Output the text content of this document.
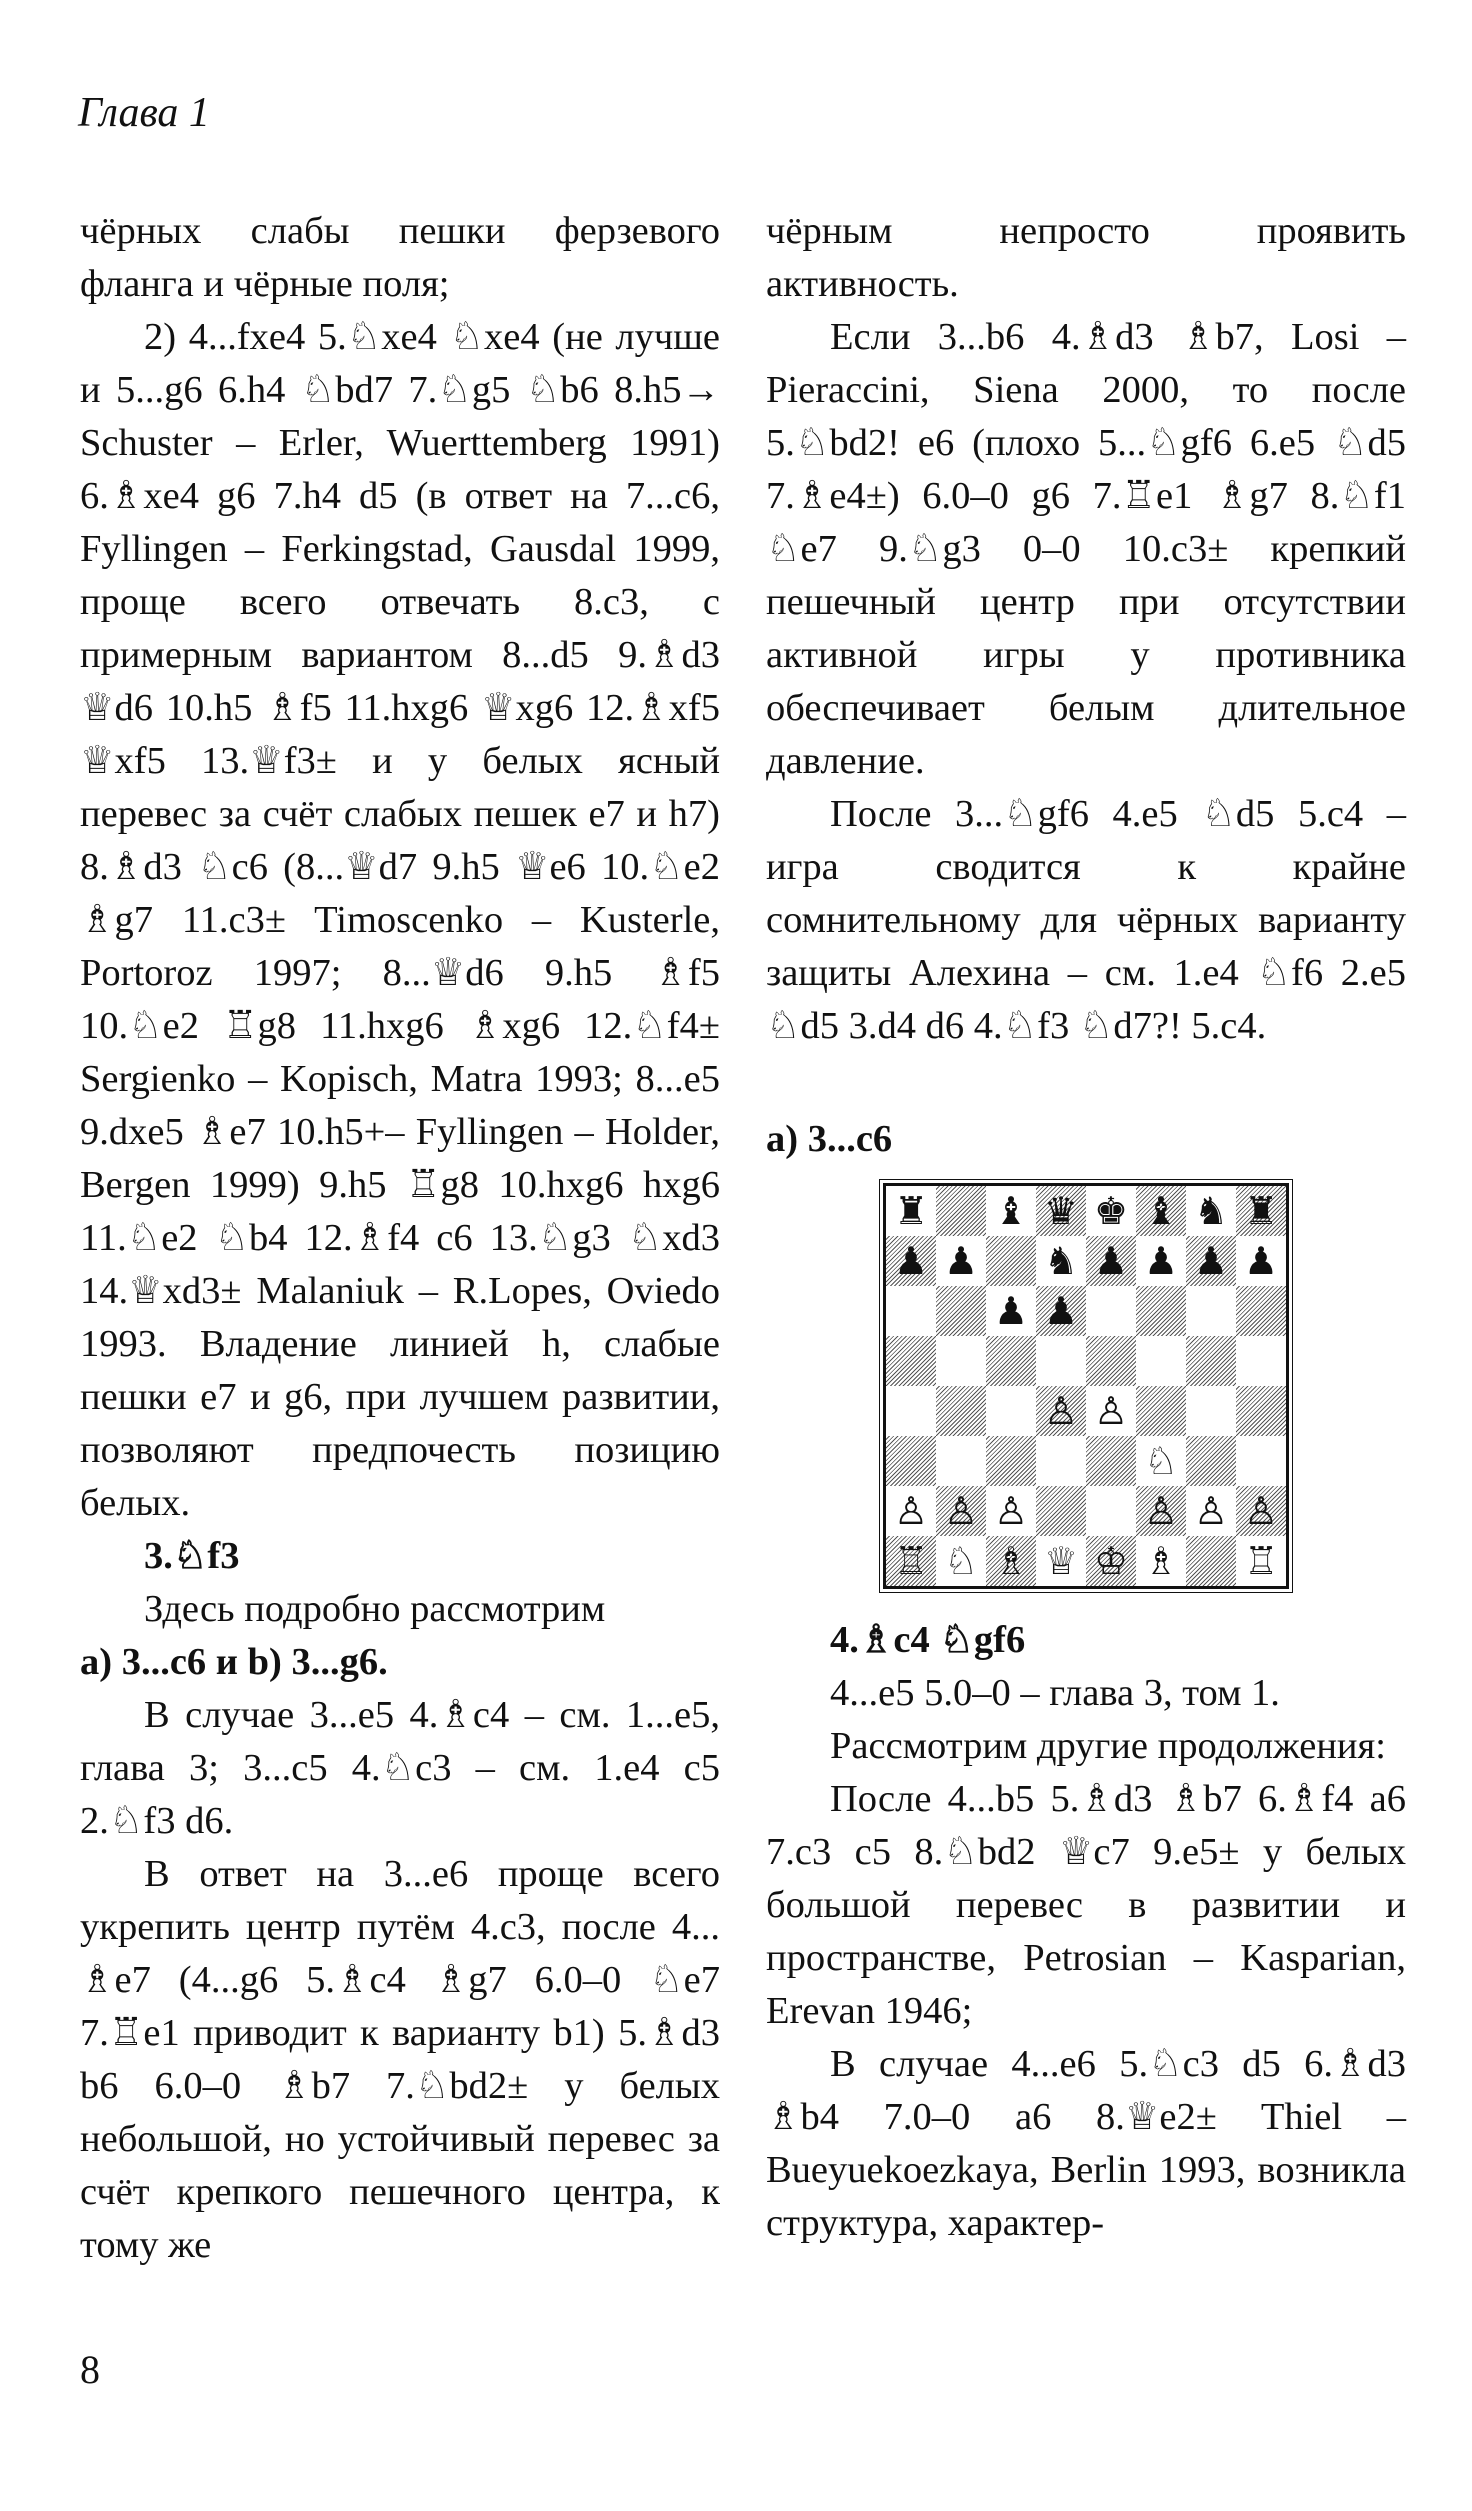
Глава 1

чёрных слабы пешки ферзевого фланга и чёрные поля;

2) 4...fxe4 5.♘xe4 ♘xe4 (не лучше и 5...g6 6.h4 ♘bd7 7.♘g5 ♘b6 8.h5→ Schuster – Erler, Wuerttemberg 1991) 6.♗xe4 g6 7.h4 d5 (в ответ на 7...c6, Fyllingen – Ferkingstad, Gausdal 1999, проще всего отвечать 8.c3, с примерным вариантом 8...d5 9.♗d3 ♕d6 10.h5 ♗f5 11.hxg6 ♕xg6 12.♗xf5 ♕xf5 13.♕f3± и у белых ясный перевес за счёт слабых пешек e7 и h7) 8.♗d3 ♘c6 (8...♕d7 9.h5 ♕e6 10.♘e2 ♗g7 11.c3± Timoscenko – Kusterle, Portoroz 1997; 8...♕d6 9.h5 ♗f5 10.♘e2 ♖g8 11.hxg6 ♗xg6 12.♘f4± Sergienko – Kopisch, Matra 1993; 8...e5 9.dxe5 ♗e7 10.h5+– Fyllingen – Holder, Bergen 1999) 9.h5 ♖g8 10.hxg6 hxg6 11.♘e2 ♘b4 12.♗f4 c6 13.♘g3 ♘xd3 14.♕xd3± Malaniuk – R.Lopes, Oviedo 1993. Владение линией h, слабые пешки e7 и g6, при лучшем развитии, позволяют предпочесть позицию белых.

3.♘f3

Здесь подробно рассмотрим

a) 3...c6 и b) 3...g6.

В случае 3...e5 4.♗c4 – см. 1...e5, глава 3; 3...c5 4.♘c3 – см. 1.e4 c5 2.♘f3 d6.

В ответ на 3...e6 проще всего укрепить центр путём 4.c3, после 4... ♗e7 (4...g6 5.♗c4 ♗g7 6.0–0 ♘e7 7.♖e1 приводит к варианту b1) 5.♗d3 b6 6.0–0 ♗b7 7.♘bd2± у белых небольшой, но устойчивый перевес за счёт крепкого пешечного центра, к тому же

чёрным непросто проявить активность.

Если 3...b6 4.♗d3 ♗b7, Losi – Pieraccini, Siena 2000, то после 5.♘bd2! e6 (плохо 5...♘gf6 6.e5 ♘d5 7.♗e4±) 6.0–0 g6 7.♖e1 ♗g7 8.♘f1 ♘e7 9.♘g3 0–0 10.c3± крепкий пешечный центр при отсутствии активной игры у противника обеспечивает белым длительное давление.

После 3...♘gf6 4.e5 ♘d5 5.c4 – игра сводится к крайне сомнительному для чёрных варианту защиты Алехина – см. 1.e4 ♘f6 2.e5 ♘d5 3.d4 d6 4.♘f3 ♘d7?! 5.c4.

a) 3...c6

♜ ♝ ♛ ♚ ♝ ♞ ♜
♟ ♟ ♞ ♟ ♟ ♟ ♟
♟ ♟
♙ ♙
♘
♙ ♙ ♙	♙ ♙ ♙
♖ ♘ ♗ ♕ ♔ ♗ ♖

4.♗c4 ♘gf6

4...e5 5.0–0 – глава 3, том 1.

Рассмотрим другие продолжения:

После 4...b5 5.♗d3 ♗b7 6.♗f4 a6 7.c3 c5 8.♘bd2 ♕c7 9.e5± у белых большой перевес в развитии и пространстве, Petrosian – Kasparian, Erevan 1946;

В случае 4...e6 5.♘c3 d5 6.♗d3 ♗b4 7.0–0 a6 8.♕e2± Thiel – Bueyuekoezkaya, Berlin 1993, возникла структура, характер-

8
